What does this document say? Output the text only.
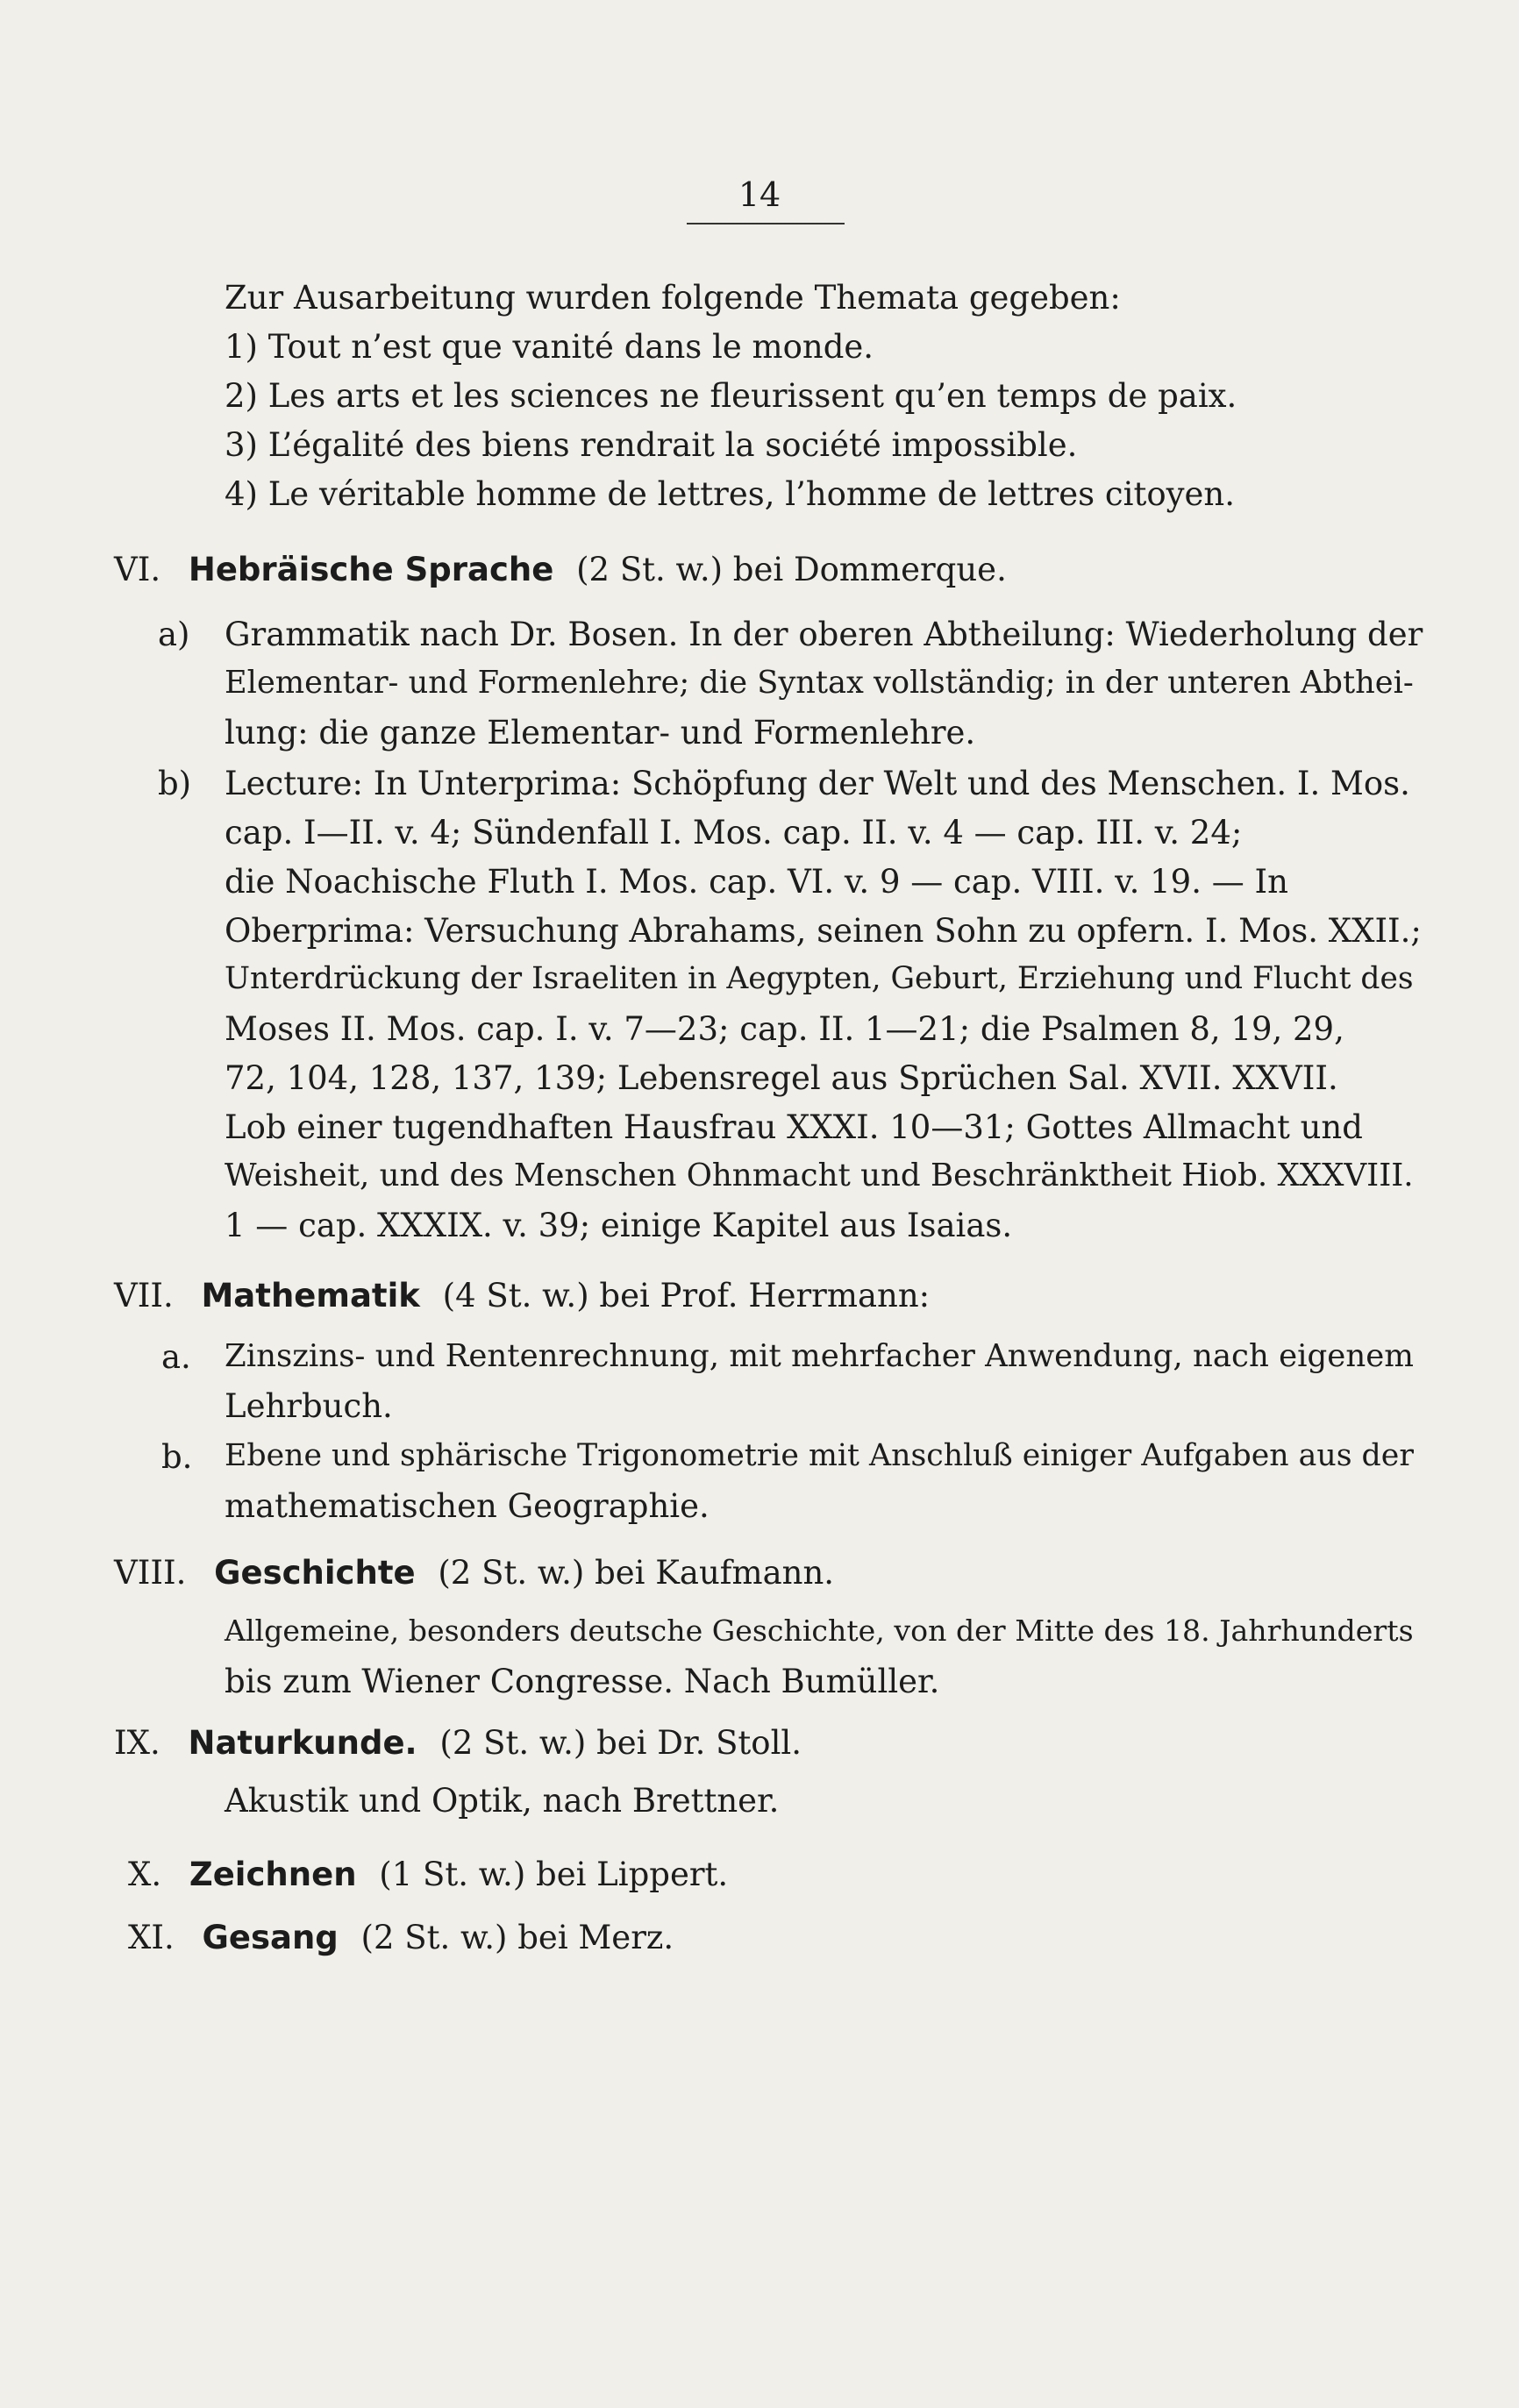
14
Zur Ausarbeitung wurden folgende Themata gegeben:
1) Tout n’est que vanité dans le monde.
2) Les arts et les sciences ne fleurissent qu’en temps de paix.
3) L’égalité des biens rendrait la société impossible.
4) Le véritable homme de lettres, l’homme de lettres citoyen.
VI. Hebräische Sprache (2 St. w.) bei Dommerque.
a) Grammatik nach Dr. Bosen. In der oberen Abtheilung: Wiederholung der
Elementar- und Formenlehre; die Syntax vollständig; in der unteren Abthei-
lung: die ganze Elementar- und Formenlehre.
b) Lecture: In Unterprima: Schöpfung der Welt und des Menschen. I. Mos.
cap. I—II. v. 4; Sündenfall I. Mos. cap. II. v. 4 — cap. III. v. 24;
die Noachische Fluth I. Mos. cap. VI. v. 9 — cap. VIII. v. 19. — In
Oberprima: Versuchung Abrahams, seinen Sohn zu opfern. I. Mos. XXII.;
Unterdrückung der Israeliten in Aegypten, Geburt, Erziehung und Flucht des
Moses II. Mos. cap. I. v. 7—23; cap. II. 1—21; die Psalmen 8, 19, 29,
72, 104, 128, 137, 139; Lebensregel aus Sprüchen Sal. XVII. XXVII.
Lob einer tugendhaften Hausfrau XXXI. 10—31; Gottes Allmacht und
Weisheit, und des Menschen Ohnmacht und Beschränktheit Hiob. XXXVIII.
1 — cap. XXXIX. v. 39; einige Kapitel aus Isaias.
VII. Mathematik (4 St. w.) bei Prof. Herrmann:
a. Zinszins- und Rentenrechnung, mit mehrfacher Anwendung, nach eigenem
Lehrbuch.
b. Ebene und sphärische Trigonometrie mit Anschluß einiger Aufgaben aus der
mathematischen Geographie.
VIII. Geschichte (2 St. w.) bei Kaufmann.
Allgemeine, besonders deutsche Geschichte, von der Mitte des 18. Jahrhunderts
bis zum Wiener Congresse. Nach Bumüller.
IX. Naturkunde. (2 St. w.) bei Dr. Stoll.
Akustik und Optik, nach Brettner.
X. Zeichnen (1 St. w.) bei Lippert.
XI. Gesang (2 St. w.) bei Merz.
